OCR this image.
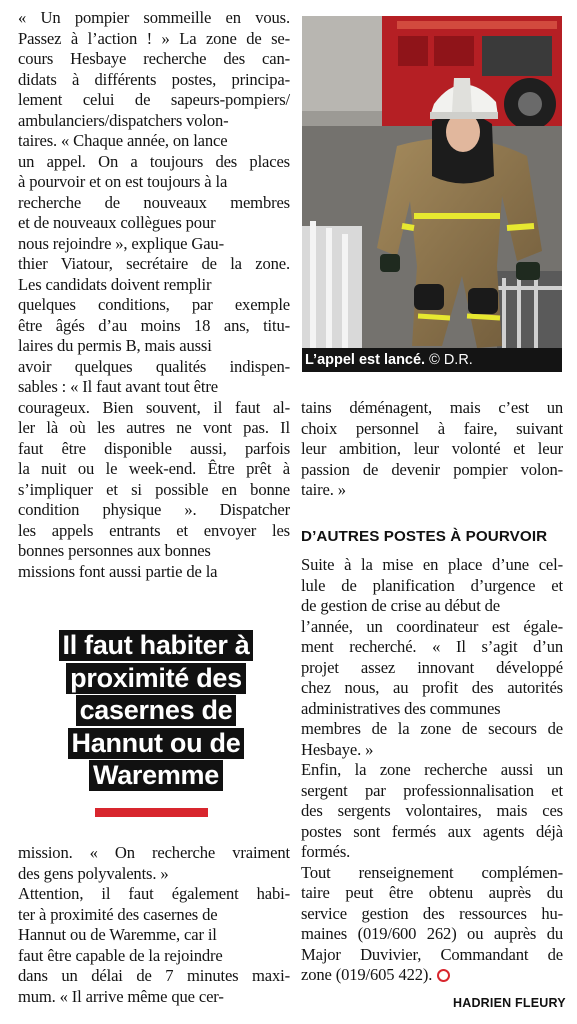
« Un pompier sommeille en vous.
Passez à l’action ! » La zone de se-
cours Hesbaye recherche des can-
didats à différents postes, principa-
lement celui de sapeurs-pompiers/
ambulanciers/dispatchers volon-
taires. « Chaque année, on lance
un appel. On a toujours des places
à pourvoir et on est toujours à la
recherche de nouveaux membres
et de nouveaux collègues pour
nous rejoindre », explique Gau-
thier Viatour, secrétaire de la zone.
Les candidats doivent remplir
quelques conditions, par exemple
être âgés d’au moins 18 ans, titu-
laires du permis B, mais aussi
avoir quelques qualités indispen-
sables : « Il faut avant tout être
courageux. Bien souvent, il faut al-
ler là où les autres ne vont pas. Il
faut être disponible aussi, parfois
la nuit ou le week-end. Être prêt à
s’impliquer et si possible en bonne
condition physique ». Dispatcher
les appels entrants et envoyer les
bonnes personnes aux bonnes
missions font aussi partie de la
Il faut habiter à
proximité des
casernes de
Hannut ou de
Waremme

mission. « On recherche vraiment
des gens polyvalents. »
Attention, il faut également habi-
ter à proximité des casernes de
Hannut ou de Waremme, car il
faut être capable de la rejoindre
dans un délai de 7 minutes maxi-
mum. « Il arrive même que cer-
L’appel est lancé. © D.R.
tains déménagent, mais c’est un
choix personnel à faire, suivant
leur ambition, leur volonté et leur
passion de devenir pompier volon-
taire. »
D’AUTRES POSTES À POURVOIR
Suite à la mise en place d’une cel-
lule de planification d’urgence et
de gestion de crise au début de
l’année, un coordinateur est égale-
ment recherché. « Il s’agit d’un
projet assez innovant développé
chez nous, au profit des autorités
administratives des communes
membres de la zone de secours de
Hesbaye. »
Enfin, la zone recherche aussi un
sergent par professionnalisation et
des sergents volontaires, mais ces
postes sont fermés aux agents déjà
formés.
Tout renseignement complémen-
taire peut être obtenu auprès du
service gestion des ressources hu-
maines (019/600 262) ou auprès du
Major Duvivier, Commandant de
zone (019/605 422).
HADRIEN FLEURY
